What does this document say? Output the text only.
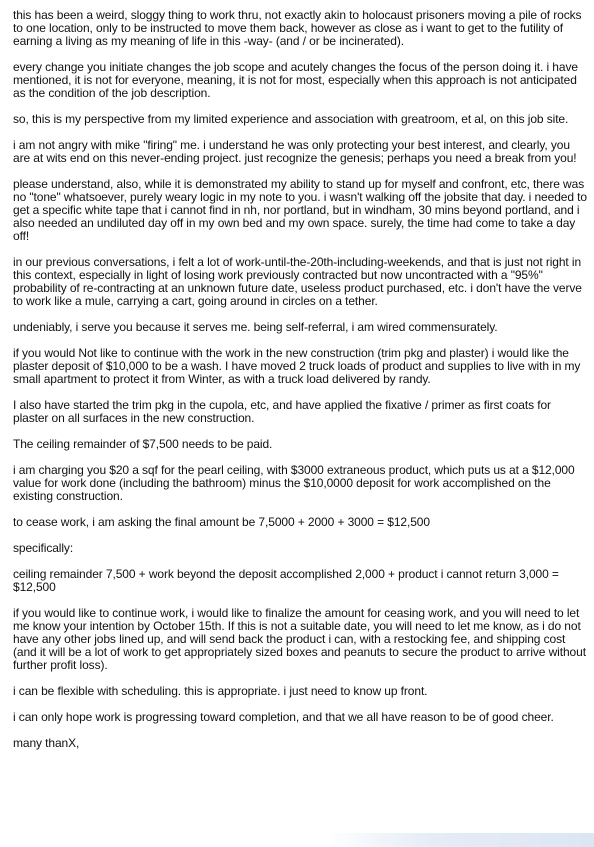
this has been a weird, sloggy thing to work thru, not exactly akin to holocaust prisoners moving a pile of rocks to one location, only to be instructed to move them back, however as close as i want to get to the futility of earning a living as my meaning of life in this -way- (and / or be incinerated).

every change you initiate changes the job scope and acutely changes the focus of the person doing it. i have mentioned, it is not for everyone, meaning, it is not for most, especially when this approach is not anticipated as the condition of the job description.

so, this is my perspective from my limited experience and association with greatroom, et al, on this job site.

i am not angry with mike "firing" me. i understand he was only protecting your best interest, and clearly, you are at wits end on this never-ending project. just recognize the genesis; perhaps you need a break from you!

please understand, also, while it is demonstrated my ability to stand up for myself and confront, etc, there was no "tone" whatsoever, purely weary logic in my note to you. i wasn't walking off the jobsite that day. i needed to get a specific white tape that i cannot find in nh, nor portland, but in windham, 30 mins beyond portland, and i also needed an undiluted day off in my own bed and my own space. surely, the time had come to take a day off!

in our previous conversations, i felt a lot of work-until-the-20th-including-weekends, and that is just not right in this context, especially in light of losing work previously contracted but now uncontracted with a "95%" probability of re-contracting at an unknown future date, useless product purchased, etc. i don't have the verve to work like a mule, carrying a cart, going around in circles on a tether.

undeniably, i serve you because it serves me. being self-referral, i am wired commensurately.

if you would Not like to continue with the work in the new construction (trim pkg and plaster) i would like the plaster deposit of $10,000 to be a wash. I have moved 2 truck loads of product and supplies to live with in my small apartment to protect it from Winter, as with a truck load delivered by randy.

I also have started the trim pkg in the cupola, etc, and have applied the fixative / primer as first coats for plaster on all surfaces in the new construction.

The ceiling remainder of $7,500 needs to be paid.

i am charging you $20 a sqf for the pearl ceiling, with $3000 extraneous product, which puts us at a $12,000 value for work done (including the bathroom) minus the $10,0000 deposit for work accomplished on the existing construction.

to cease work, i am asking the final amount be 7,5000 + 2000 + 3000 = $12,500

specifically:

ceiling remainder 7,500 + work beyond the deposit accomplished 2,000 + product i cannot return 3,000 = $12,500

if you would like to continue work, i would like to finalize the amount for ceasing work, and you will need to let me know your intention by October 15th. If this is not a suitable date, you will need to let me know, as i do not have any other jobs lined up, and will send back the product i can, with a restocking fee, and shipping cost (and it will be a lot of work to get appropriately sized boxes and peanuts to secure the product to arrive without further profit loss).

i can be flexible with scheduling. this is appropriate. i just need to know up front.

i can only hope work is progressing toward completion, and that we all have reason to be of good cheer.

many thanX,
